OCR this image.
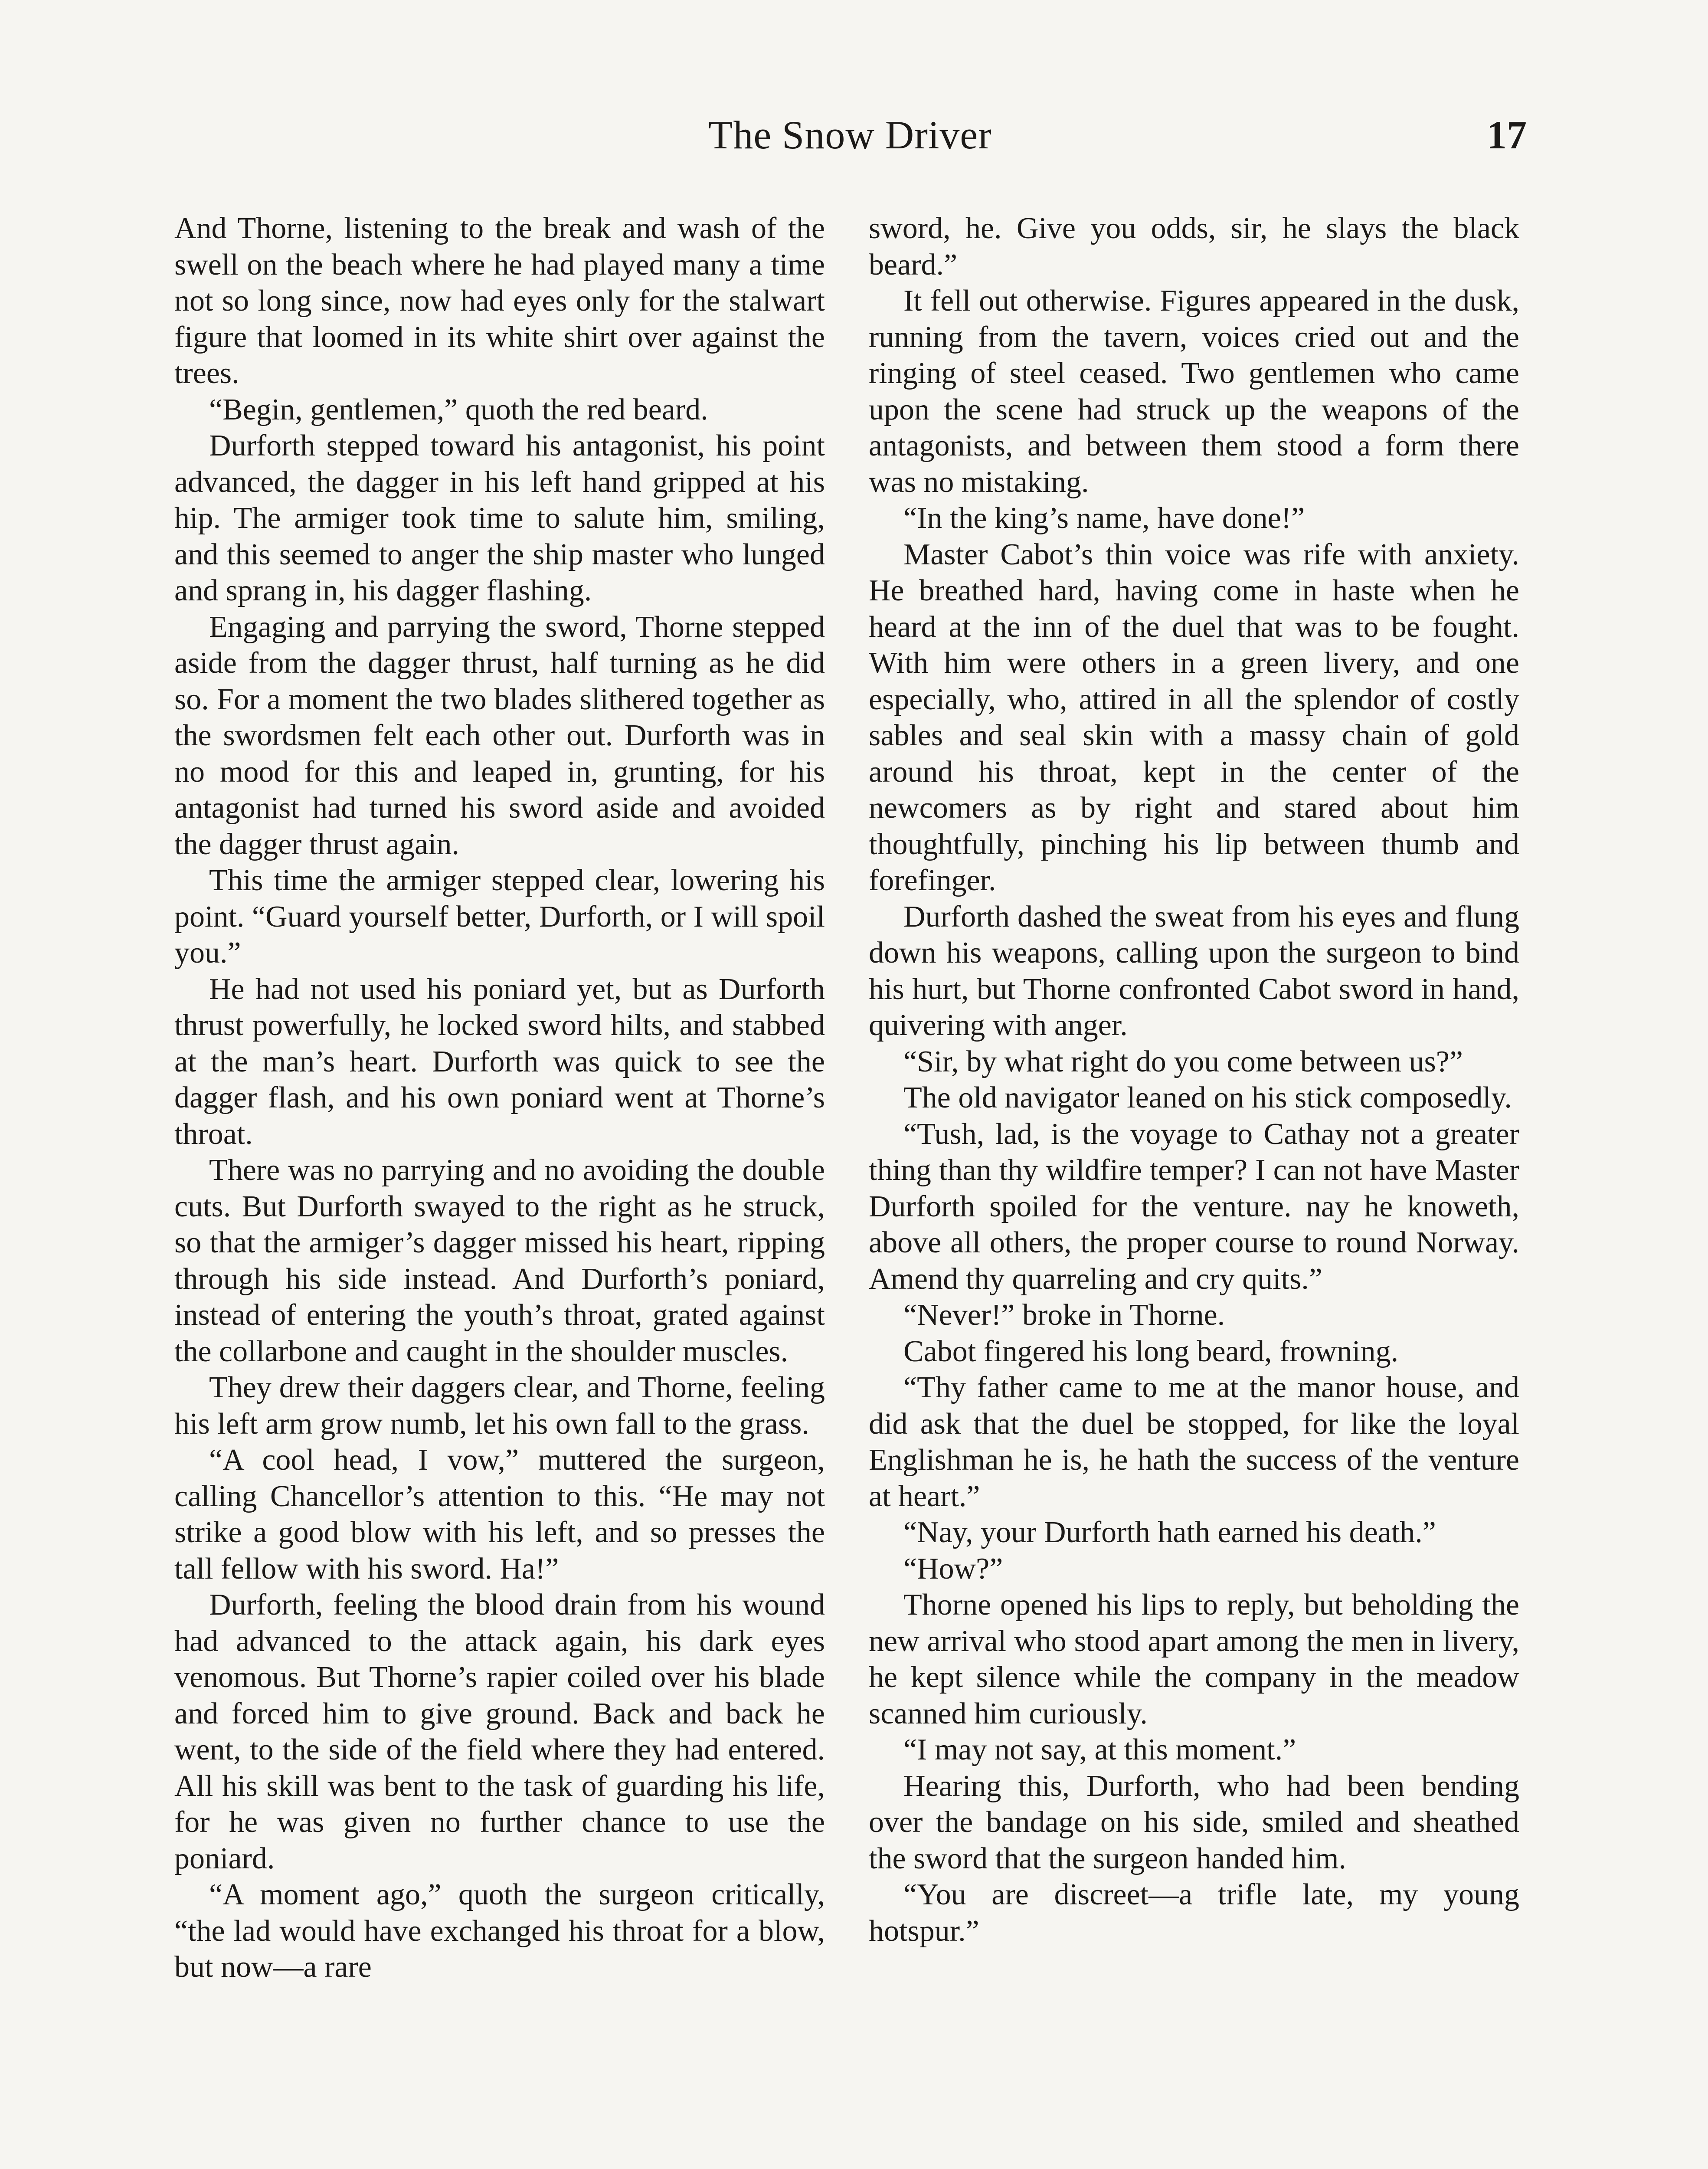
The Snow Driver	17

And Thorne, listening to the break and wash of the swell on the beach where he had played many a time not so long since, now had eyes only for the stalwart figure that loomed in its white shirt over against the trees.

“Begin, gentlemen,” quoth the red beard.

Durforth stepped toward his antagonist, his point advanced, the dagger in his left hand gripped at his hip. The armiger took time to salute him, smiling, and this seemed to anger the ship master who lunged and sprang in, his dagger flashing.

Engaging and parrying the sword, Thorne stepped aside from the dagger thrust, half turning as he did so. For a moment the two blades slithered together as the swordsmen felt each other out. Durforth was in no mood for this and leaped in, grunting, for his antagonist had turned his sword aside and avoided the dagger thrust again.

This time the armiger stepped clear, lowering his point. “Guard yourself better, Durforth, or I will spoil you.”

He had not used his poniard yet, but as Durforth thrust powerfully, he locked sword hilts, and stabbed at the man’s heart. Durforth was quick to see the dagger flash, and his own poniard went at Thorne’s throat.

There was no parrying and no avoiding the double cuts. But Durforth swayed to the right as he struck, so that the armiger’s dagger missed his heart, ripping through his side instead. And Durforth’s poniard, instead of entering the youth’s throat, grated against the collarbone and caught in the shoulder muscles.

They drew their daggers clear, and Thorne, feeling his left arm grow numb, let his own fall to the grass.

“A cool head, I vow,” muttered the surgeon, calling Chancellor’s attention to this. “He may not strike a good blow with his left, and so presses the tall fellow with his sword. Ha!”

Durforth, feeling the blood drain from his wound had advanced to the attack again, his dark eyes venomous. But Thorne’s rapier coiled over his blade and forced him to give ground. Back and back he went, to the side of the field where they had entered. All his skill was bent to the task of guarding his life, for he was given no further chance to use the poniard.

“A moment ago,” quoth the surgeon critically, “the lad would have exchanged his throat for a blow, but now—a rare

sword, he. Give you odds, sir, he slays the black beard.”

It fell out otherwise. Figures appeared in the dusk, running from the tavern, voices cried out and the ringing of steel ceased. Two gentlemen who came upon the scene had struck up the weapons of the antagonists, and between them stood a form there was no mistaking.

“In the king’s name, have done!”

Master Cabot’s thin voice was rife with anxiety. He breathed hard, having come in haste when he heard at the inn of the duel that was to be fought. With him were others in a green livery, and one especially, who, attired in all the splendor of costly sables and seal skin with a massy chain of gold around his throat, kept in the center of the newcomers as by right and stared about him thoughtfully, pinching his lip between thumb and forefinger.

Durforth dashed the sweat from his eyes and flung down his weapons, calling upon the surgeon to bind his hurt, but Thorne confronted Cabot sword in hand, quivering with anger.

“Sir, by what right do you come between us?”

The old navigator leaned on his stick composedly.

“Tush, lad, is the voyage to Cathay not a greater thing than thy wildfire temper? I can not have Master Durforth spoiled for the venture. nay he knoweth, above all others, the proper course to round Norway. Amend thy quarreling and cry quits.”

“Never!” broke in Thorne.

Cabot fingered his long beard, frowning.

“Thy father came to me at the manor house, and did ask that the duel be stopped, for like the loyal Englishman he is, he hath the success of the venture at heart.”

“Nay, your Durforth hath earned his death.”

“How?”

Thorne opened his lips to reply, but beholding the new arrival who stood apart among the men in livery, he kept silence while the company in the meadow scanned him curiously.

“I may not say, at this moment.”

Hearing this, Durforth, who had been bending over the bandage on his side, smiled and sheathed the sword that the surgeon handed him.

“You are discreet—a trifle late, my young hotspur.”
